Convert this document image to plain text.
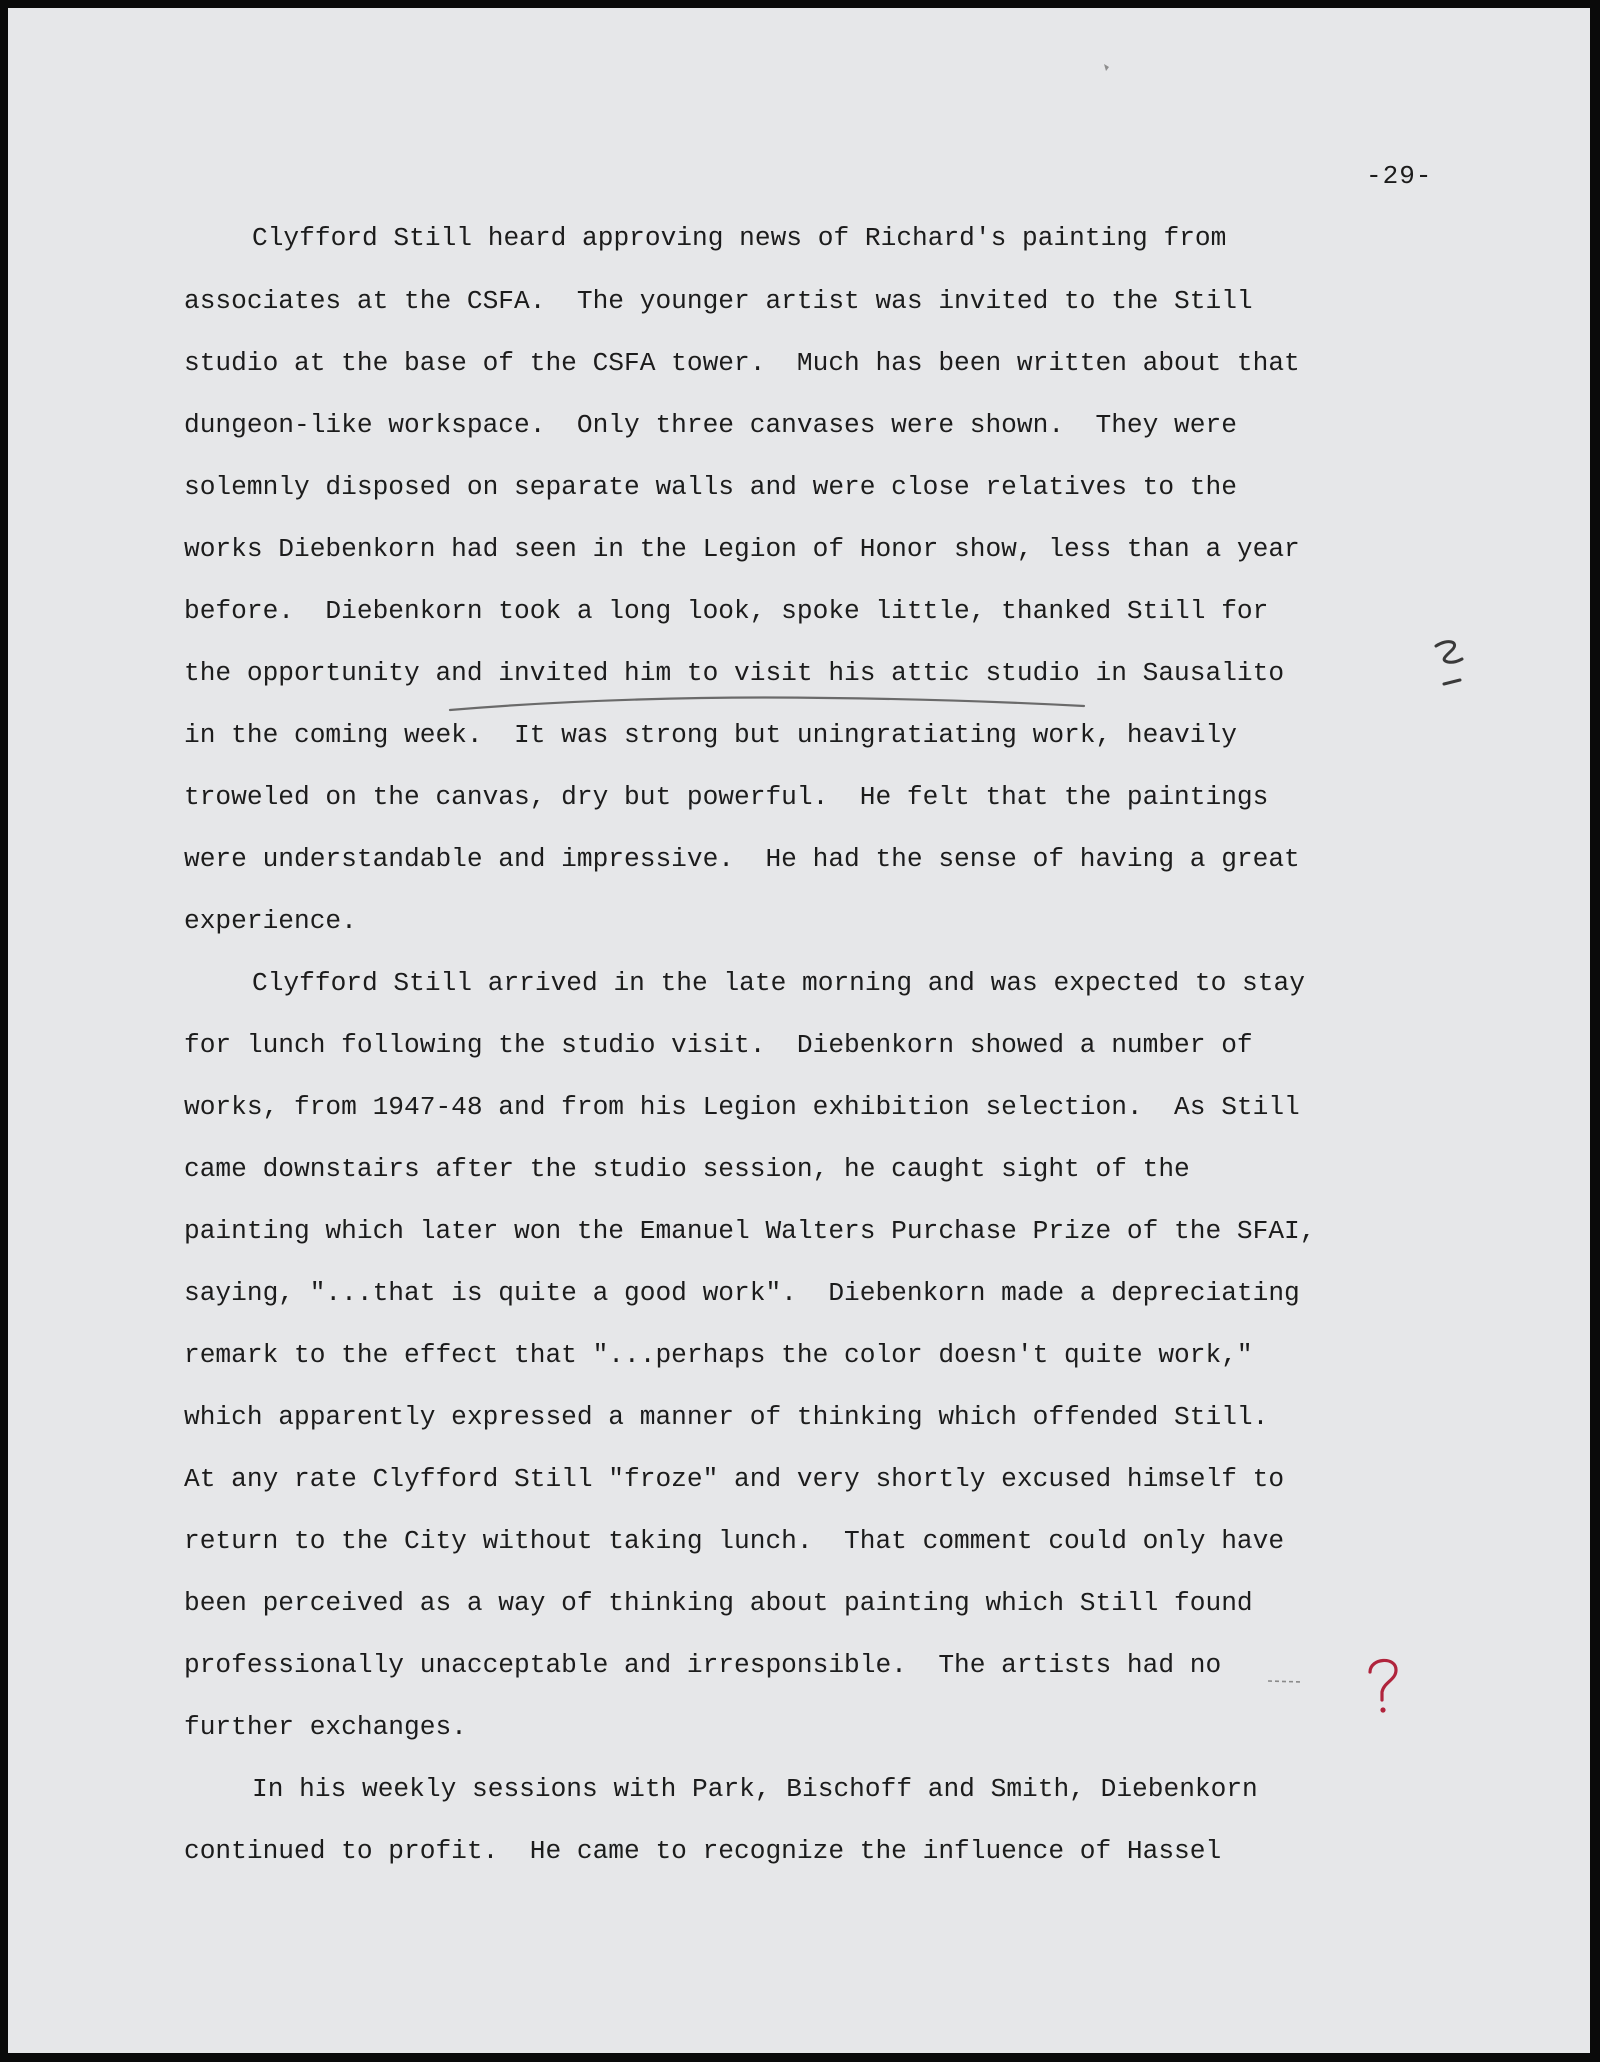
-29-
Clyfford Still heard approving news of Richard's painting from
associates at the CSFA.  The younger artist was invited to the Still
studio at the base of the CSFA tower.  Much has been written about that
dungeon-like workspace.  Only three canvases were shown.  They were
solemnly disposed on separate walls and were close relatives to the
works Diebenkorn had seen in the Legion of Honor show, less than a year
before.  Diebenkorn took a long look, spoke little, thanked Still for
the opportunity and invited him to visit his attic studio in Sausalito
in the coming week.  It was strong but uningratiating work, heavily
troweled on the canvas, dry but powerful.  He felt that the paintings
were understandable and impressive.  He had the sense of having a great
experience.
Clyfford Still arrived in the late morning and was expected to stay
for lunch following the studio visit.  Diebenkorn showed a number of
works, from 1947-48 and from his Legion exhibition selection.  As Still
came downstairs after the studio session, he caught sight of the
painting which later won the Emanuel Walters Purchase Prize of the SFAI,
saying, "...that is quite a good work".  Diebenkorn made a depreciating
remark to the effect that "...perhaps the color doesn't quite work,"
which apparently expressed a manner of thinking which offended Still.
At any rate Clyfford Still "froze" and very shortly excused himself to
return to the City without taking lunch.  That comment could only have
been perceived as a way of thinking about painting which Still found
professionally unacceptable and irresponsible.  The artists had no
further exchanges.
In his weekly sessions with Park, Bischoff and Smith, Diebenkorn
continued to profit.  He came to recognize the influence of Hassel
